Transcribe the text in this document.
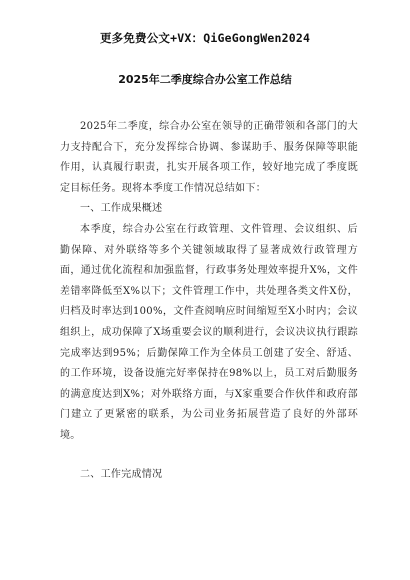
更多免费公文+VX：QiGeGongWen2024
2025年二季度综合办公室工作总结

2025年二季度，综合办公室在领导的正确带领和各部门的大力支持配合下，充分发挥综合协调、参谋助手、服务保障等职能作用，认真履行职责，扎实开展各项工作，较好地完成了季度既定目标任务。现将本季度工作情况总结如下：

一、工作成果概述

本季度，综合办公室在行政管理、文件管理、会议组织、后勤保障、对外联络等多个关键领域取得了显著成效行政管理方面，通过优化流程和加强监督，行政事务处理效率提升X%，文件差错率降低至X%以下；文件管理工作中，共处理各类文件X份，归档及时率达到100%，文件查阅响应时间缩短至X小时内；会议组织上，成功保障了X场重要会议的顺利进行，会议决议执行跟踪完成率达到95%；后勤保障工作为全体员工创建了安全、舒适、的工作环境，设备设施完好率保持在98%以上，员工对后勤服务的满意度达到X%；对外联络方面，与X家重要合作伙伴和政府部门建立了更紧密的联系，为公司业务拓展营造了良好的外部环境。

二、工作完成情况
